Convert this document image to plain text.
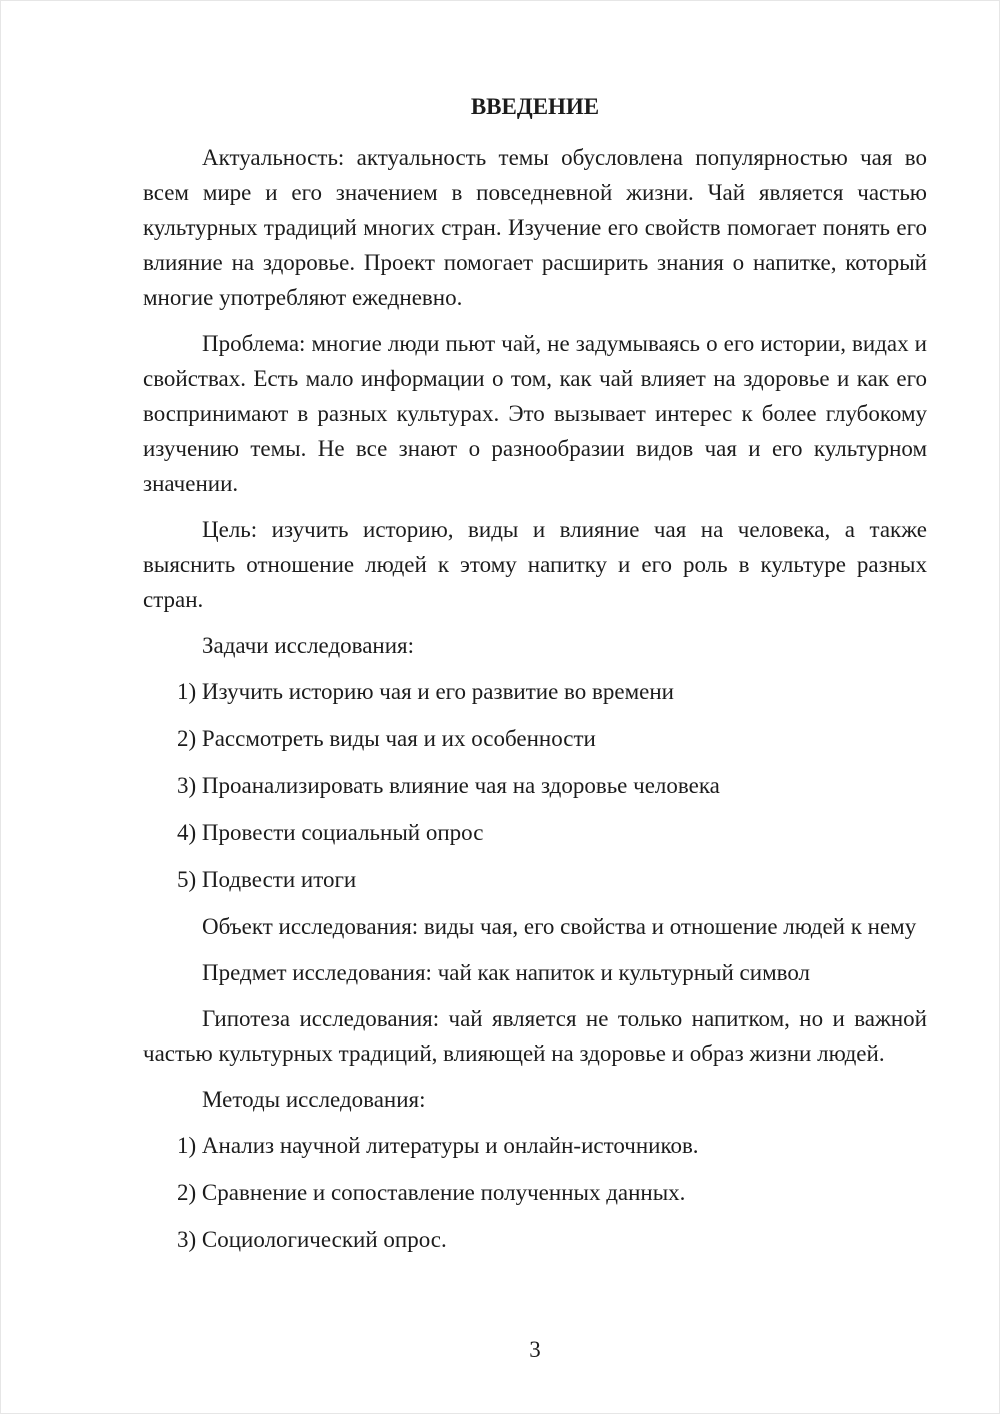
ВВЕДЕНИЕ

Актуальность: актуальность темы обусловлена популярностью чая во всем мире и его значением в повседневной жизни. Чай является частью культурных традиций многих стран. Изучение его свойств помогает понять его влияние на здоровье. Проект помогает расширить знания о напитке, который многие употребляют ежедневно.

Проблема: многие люди пьют чай, не задумываясь о его истории, видах и свойствах. Есть мало информации о том, как чай влияет на здоровье и как его воспринимают в разных культурах. Это вызывает интерес к более глубокому изучению темы. Не все знают о разнообразии видов чая и его культурном значении.

Цель: изучить историю, виды и влияние чая на человека, а также выяснить отношение людей к этому напитку и его роль в культуре разных стран.

Задачи исследования:

1) Изучить историю чая и его развитие во времени

2) Рассмотреть виды чая и их особенности

3) Проанализировать влияние чая на здоровье человека

4) Провести социальный опрос

5) Подвести итоги

Объект исследования: виды чая, его свойства и отношение людей к нему

Предмет исследования: чай как напиток и культурный символ

Гипотеза исследования: чай является не только напитком, но и важной частью культурных традиций, влияющей на здоровье и образ жизни людей.

Методы исследования:

1) Анализ научной литературы и онлайн-источников.

2) Сравнение и сопоставление полученных данных.

3) Социологический опрос.

3
